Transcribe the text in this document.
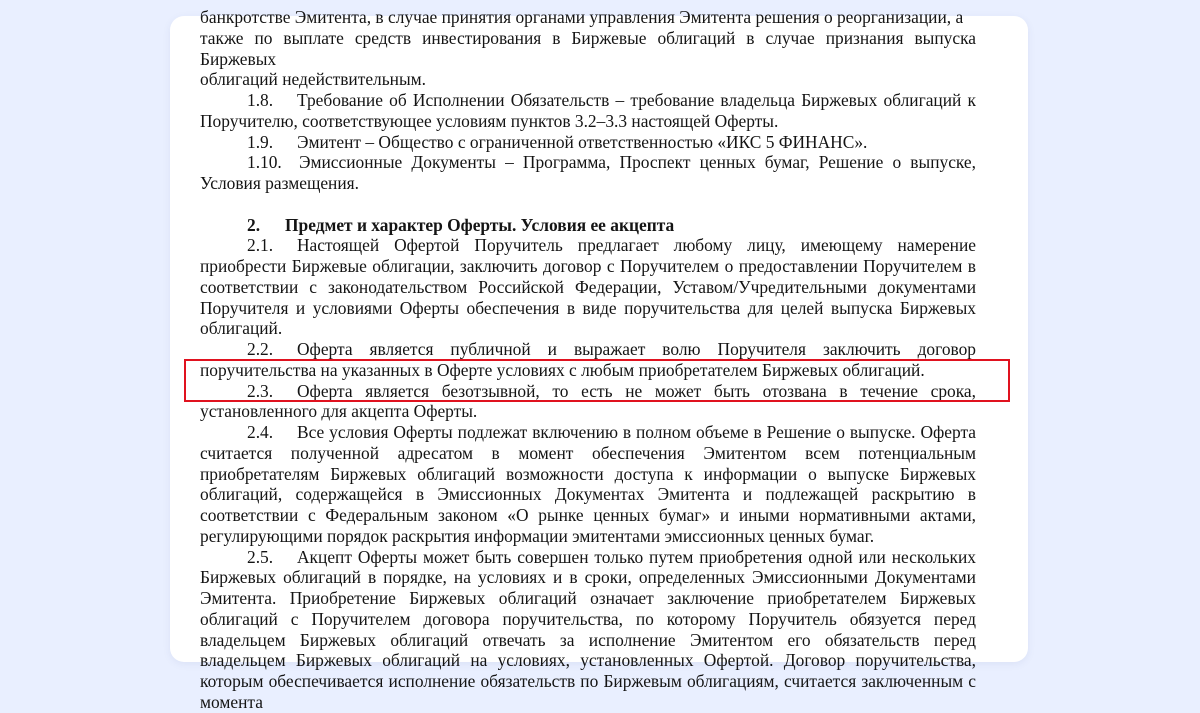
банкротстве Эмитента, в случае принятия органами управления Эмитента решения о реорганизации, а

также по выплате средств инвестирования в Биржевые облигаций в случае признания выпуска Биржевых

облигаций недействительным.

1.8. Требование об Исполнении Обязательств – требование владельца Биржевых облигаций к Поручителю, соответствующее условиям пунктов 3.2–3.3 настоящей Оферты.

1.9. Эмитент – Общество с ограниченной ответственностью «ИКС 5 ФИНАНС».

1.10. Эмиссионные Документы – Программа, Проспект ценных бумаг, Решение о выпуске, Условия размещения.

2. Предмет и характер Оферты. Условия ее акцепта

2.1. Настоящей Офертой Поручитель предлагает любому лицу, имеющему намерение приобрести Биржевые облигации, заключить договор с Поручителем о предоставлении Поручителем в соответствии с законодательством Российской Федерации, Уставом/Учредительными документами Поручителя и условиями Оферты обеспечения в виде поручительства для целей выпуска Биржевых облигаций.

2.2. Оферта является публичной и выражает волю Поручителя заключить договор поручительства на указанных в Оферте условиях с любым приобретателем Биржевых облигаций.

2.3. Оферта является безотзывной, то есть не может быть отозвана в течение срока, установленного для акцепта Оферты.

2.4. Все условия Оферты подлежат включению в полном объеме в Решение о выпуске. Оферта считается полученной адресатом в момент обеспечения Эмитентом всем потенциальным приобретателям Биржевых облигаций возможности доступа к информации о выпуске Биржевых облигаций, содержащейся в Эмиссионных Документах Эмитента и подлежащей раскрытию в соответствии с Федеральным законом «О рынке ценных бумаг» и иными нормативными актами, регулирующими порядок раскрытия информации эмитентами эмиссионных ценных бумаг.

2.5. Акцепт Оферты может быть совершен только путем приобретения одной или нескольких Биржевых облигаций в порядке, на условиях и в сроки, определенных Эмиссионными Документами Эмитента. Приобретение Биржевых облигаций означает заключение приобретателем Биржевых облигаций с Поручителем договора поручительства, по которому Поручитель обязуется перед владельцем Биржевых облигаций отвечать за исполнение Эмитентом его обязательств перед владельцем Биржевых облигаций на условиях, установленных Офертой. Договор поручительства, которым обеспечивается исполнение обязательств по Биржевым облигациям, считается заключенным с момента
